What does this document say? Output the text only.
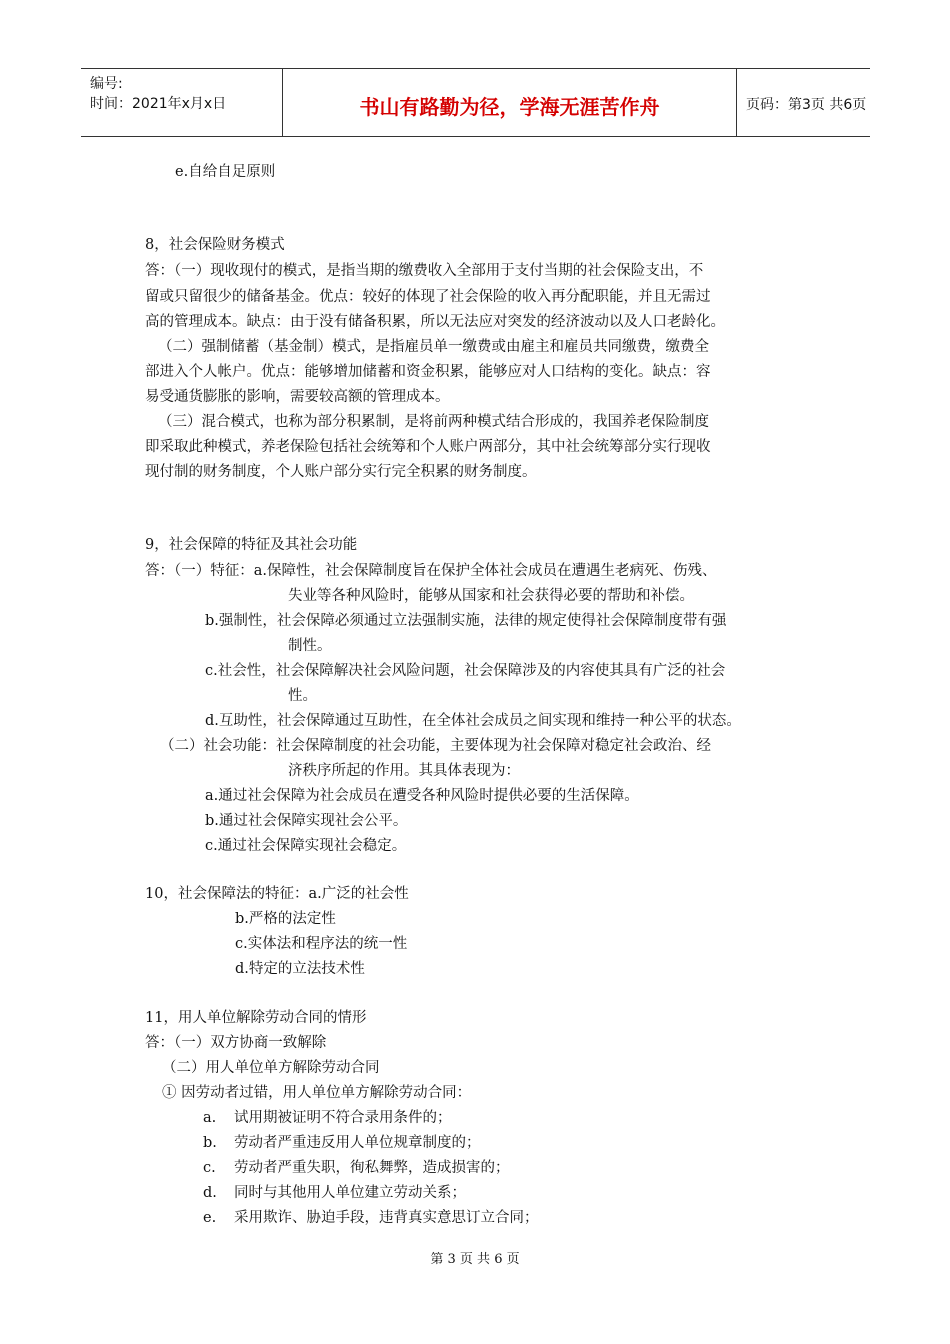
编号:
时间：2021年x月x日	书山有路勤为径，学海无涯苦作舟	页码：第3页 共6页
e.自给自足原则
8，社会保险财务模式
答：（一）现收现付的模式，是指当期的缴费收入全部用于支付当期的社会保险支出，不
留或只留很少的储备基金。优点：较好的体现了社会保险的收入再分配职能，并且无需过
高的管理成本。缺点：由于没有储备积累，所以无法应对突发的经济波动以及人口老龄化。
（二）强制储蓄（基金制）模式，是指雇员单一缴费或由雇主和雇员共同缴费，缴费全
部进入个人帐户。优点：能够增加储蓄和资金积累，能够应对人口结构的变化。缺点：容
易受通货膨胀的影响，需要较高额的管理成本。
（三）混合模式，也称为部分积累制，是将前两种模式结合形成的，我国养老保险制度
即采取此种模式，养老保险包括社会统筹和个人账户两部分，其中社会统筹部分实行现收
现付制的财务制度，个人账户部分实行完全积累的财务制度。
9，社会保障的特征及其社会功能
答：（一）特征：a.保障性，社会保障制度旨在保护全体社会成员在遭遇生老病死、伤残、
失业等各种风险时，能够从国家和社会获得必要的帮助和补偿。
b.强制性，社会保障必须通过立法强制实施，法律的规定使得社会保障制度带有强
制性。
c.社会性，社会保障解决社会风险问题，社会保障涉及的内容使其具有广泛的社会
性。
d.互助性，社会保障通过互助性，在全体社会成员之间实现和维持一种公平的状态。
（二）社会功能：社会保障制度的社会功能，主要体现为社会保障对稳定社会政治、经
济秩序所起的作用。其具体表现为：
a.通过社会保障为社会成员在遭受各种风险时提供必要的生活保障。
b.通过社会保障实现社会公平。
c.通过社会保障实现社会稳定。
10，社会保障法的特征：a.广泛的社会性
b.严格的法定性
c.实体法和程序法的统一性
d.特定的立法技术性
11，用人单位解除劳动合同的情形
答：（一）双方协商一致解除
（二）用人单位单方解除劳动合同
① 因劳动者过错，用人单位单方解除劳动合同：
a. 试用期被证明不符合录用条件的；
b. 劳动者严重违反用人单位规章制度的；
c. 劳动者严重失职，徇私舞弊，造成损害的；
d. 同时与其他用人单位建立劳动关系；
e. 采用欺诈、胁迫手段，违背真实意思订立合同；
第 3 页 共 6 页
